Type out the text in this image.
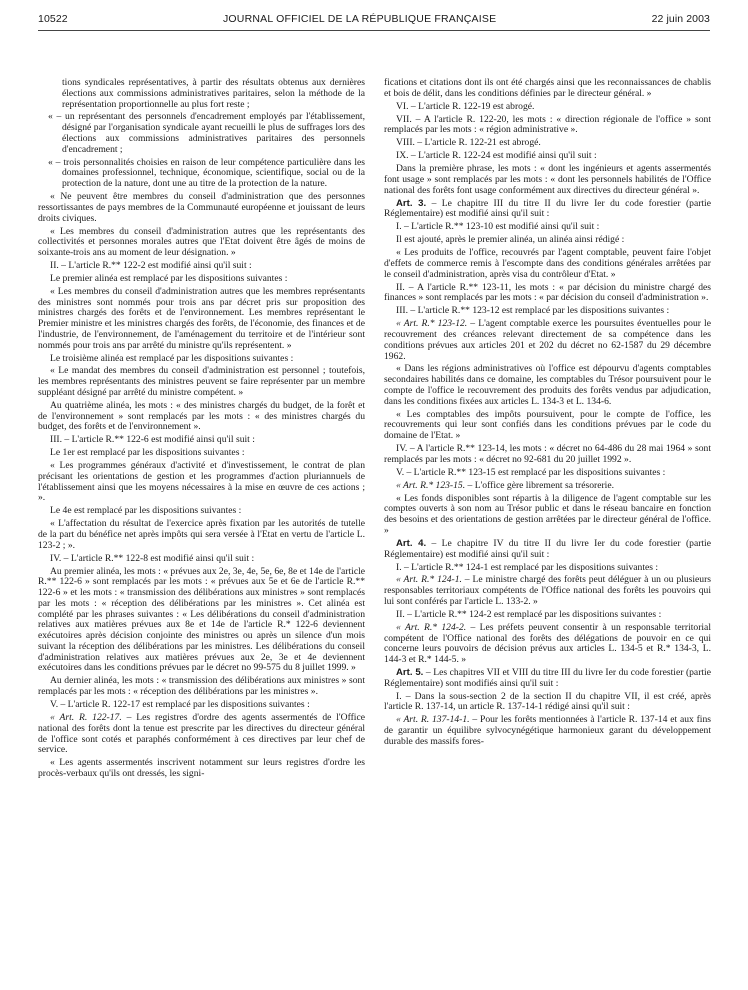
10522	JOURNAL OFFICIEL DE LA RÉPUBLIQUE FRANÇAISE	22 juin 2003

tions syndicales représentatives, à partir des résultats obtenus aux dernières élections aux commissions administratives paritaires, selon la méthode de la représentation proportionnelle au plus fort reste ;

« – un représentant des personnels d'encadrement employés par l'établissement, désigné par l'organisation syndicale ayant recueilli le plus de suffrages lors des élections aux commissions administratives paritaires des personnels d'encadrement ;

« – trois personnalités choisies en raison de leur compétence particulière dans les domaines professionnel, technique, économique, scientifique, social ou de la protection de la nature, dont une au titre de la protection de la nature.

« Ne peuvent être membres du conseil d'administration que des personnes ressortissantes de pays membres de la Communauté européenne et jouissant de leurs droits civiques.

« Les membres du conseil d'administration autres que les représentants des collectivités et personnes morales autres que l'Etat doivent être âgés de moins de soixante-trois ans au moment de leur désignation. »

II. – L'article R.** 122-2 est modifié ainsi qu'il suit :

Le premier alinéa est remplacé par les dispositions suivantes :

« Les membres du conseil d'administration autres que les membres représentants des ministres sont nommés pour trois ans par décret pris sur proposition des ministres chargés des forêts et de l'environnement. Les membres représentant le Premier ministre et les ministres chargés des forêts, de l'économie, des finances et de l'industrie, de l'environnement, de l'aménagement du territoire et de l'intérieur sont nommés pour trois ans par arrêté du ministre qu'ils représentent. »

Le troisième alinéa est remplacé par les dispositions suivantes :

« Le mandat des membres du conseil d'administration est personnel ; toutefois, les membres représentants des ministres peuvent se faire représenter par un membre suppléant désigné par arrêté du ministre compétent. »

Au quatrième alinéa, les mots : « des ministres chargés du budget, de la forêt et de l'environnement » sont remplacés par les mots : « des ministres chargés du budget, des forêts et de l'environnement ».

III. – L'article R.** 122-6 est modifié ainsi qu'il suit :

Le 1er est remplacé par les dispositions suivantes :

« Les programmes généraux d'activité et d'investissement, le contrat de plan précisant les orientations de gestion et les programmes d'action pluriannuels de l'établissement ainsi que les moyens nécessaires à la mise en œuvre de ces actions ; ».

Le 4e est remplacé par les dispositions suivantes :

« L'affectation du résultat de l'exercice après fixation par les autorités de tutelle de la part du bénéfice net après impôts qui sera versée à l'Etat en vertu de l'article L. 123-2 ; ».

IV. – L'article R.** 122-8 est modifié ainsi qu'il suit :

Au premier alinéa, les mots : « prévues aux 2e, 3e, 4e, 5e, 6e, 8e et 14e de l'article R.** 122-6 » sont remplacés par les mots : « prévues aux 5e et 6e de l'article R.** 122-6 » et les mots : « transmission des délibérations aux ministres » sont remplacés par les mots : « réception des délibérations par les ministres ». Cet alinéa est complété par les phrases suivantes : « Les délibérations du conseil d'administration relatives aux matières prévues aux 8e et 14e de l'article R.* 122-6 deviennent exécutoires après décision conjointe des ministres ou après un silence d'un mois suivant la réception des délibérations par les ministres. Les délibérations du conseil d'administration relatives aux matières prévues aux 2e, 3e et 4e deviennent exécutoires dans les conditions prévues par le décret no 99-575 du 8 juillet 1999. »

Au dernier alinéa, les mots : « transmission des délibérations aux ministres » sont remplacés par les mots : « réception des délibérations par les ministres ».

V. – L'article R. 122-17 est remplacé par les dispositions suivantes :

« Art. R. 122-17. – Les registres d'ordre des agents assermentés de l'Office national des forêts dont la tenue est prescrite par les directives du directeur général de l'office sont cotés et paraphés conformément à ces directives par leur chef de service.

« Les agents assermentés inscrivent notamment sur leurs registres d'ordre les procès-verbaux qu'ils ont dressés, les signi-

fications et citations dont ils ont été chargés ainsi que les reconnaissances de chablis et bois de délit, dans les conditions définies par le directeur général. »

VI. – L'article R. 122-19 est abrogé.

VII. – A l'article R. 122-20, les mots : « direction régionale de l'office » sont remplacés par les mots : « région administrative ».

VIII. – L'article R. 122-21 est abrogé.

IX. – L'article R. 122-24 est modifié ainsi qu'il suit :

Dans la première phrase, les mots : « dont les ingénieurs et agents assermentés font usage » sont remplacés par les mots : « dont les personnels habilités de l'Office national des forêts font usage conformément aux directives du directeur général ».

Art. 3. – Le chapitre III du titre II du livre Ier du code forestier (partie Réglementaire) est modifié ainsi qu'il suit :

I. – L'article R.** 123-10 est modifié ainsi qu'il suit :

Il est ajouté, après le premier alinéa, un alinéa ainsi rédigé :

« Les produits de l'office, recouvrés par l'agent comptable, peuvent faire l'objet d'effets de commerce remis à l'escompte dans des conditions générales arrêtées par le conseil d'administration, après visa du contrôleur d'Etat. »

II. – A l'article R.** 123-11, les mots : « par décision du ministre chargé des finances » sont remplacés par les mots : « par décision du conseil d'administration ».

III. – L'article R.** 123-12 est remplacé par les dispositions suivantes :

« Art. R.* 123-12. – L'agent comptable exerce les poursuites éventuelles pour le recouvrement des créances relevant directement de sa compétence dans les conditions prévues aux articles 201 et 202 du décret no 62-1587 du 29 décembre 1962.

« Dans les régions administratives où l'office est dépourvu d'agents comptables secondaires habilités dans ce domaine, les comptables du Trésor poursuivent pour le compte de l'office le recouvrement des produits des forêts vendus par adjudication, dans les conditions fixées aux articles L. 134-3 et L. 134-6.

« Les comptables des impôts poursuivent, pour le compte de l'office, les recouvrements qui leur sont confiés dans les conditions prévues par le code du domaine de l'Etat. »

IV. – A l'article R.** 123-14, les mots : « décret no 64-486 du 28 mai 1964 » sont remplacés par les mots : « décret no 92-681 du 20 juillet 1992 ».

V. – L'article R.** 123-15 est remplacé par les dispositions suivantes :

« Art. R.* 123-15. – L'office gère librement sa trésorerie.

« Les fonds disponibles sont répartis à la diligence de l'agent comptable sur les comptes ouverts à son nom au Trésor public et dans le réseau bancaire en fonction des besoins et des orientations de gestion arrêtées par le directeur général de l'office. »

Art. 4. – Le chapitre IV du titre II du livre Ier du code forestier (partie Réglementaire) est modifié ainsi qu'il suit :

I. – L'article R.** 124-1 est remplacé par les dispositions suivantes :

« Art. R.* 124-1. – Le ministre chargé des forêts peut déléguer à un ou plusieurs responsables territoriaux compétents de l'Office national des forêts les pouvoirs qui lui sont conférés par l'article L. 133-2. »

II. – L'article R.** 124-2 est remplacé par les dispositions suivantes :

« Art. R.* 124-2. – Les préfets peuvent consentir à un responsable territorial compétent de l'Office national des forêts des délégations de pouvoir en ce qui concerne leurs pouvoirs de décision prévus aux articles L. 134-5 et R.* 134-3, L. 144-3 et R.* 144-5. »

Art. 5. – Les chapitres VII et VIII du titre III du livre Ier du code forestier (partie Réglementaire) sont modifiés ainsi qu'il suit :

I. – Dans la sous-section 2 de la section II du chapitre VII, il est créé, après l'article R. 137-14, un article R. 137-14-1 rédigé ainsi qu'il suit :

« Art. R. 137-14-1. – Pour les forêts mentionnées à l'article R. 137-14 et aux fins de garantir un équilibre sylvocynégétique harmonieux garant du développement durable des massifs fores-
